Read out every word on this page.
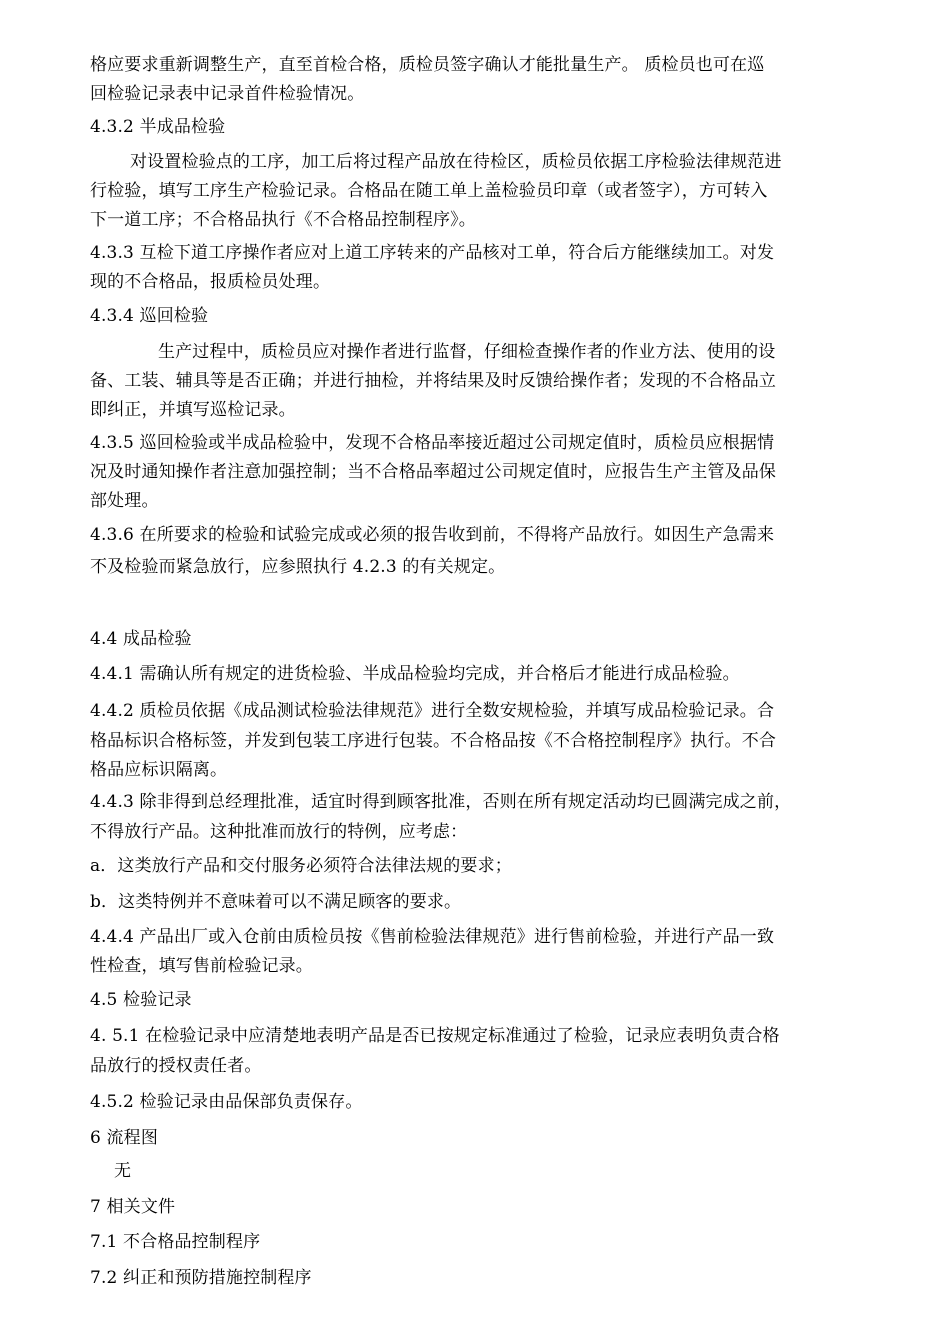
格应要求重新调整生产，直至首检合格，质检员签字确认才能批量生产。 质检员也可在巡
回检验记录表中记录首件检验情况。
4.3.2 半成品检验
对设置检验点的工序，加工后将过程产品放在待检区，质检员依据工序检验法律规范进
行检验，填写工序生产检验记录。合格品在随工单上盖检验员印章（或者签字），方可转入
下一道工序；不合格品执行《不合格品控制程序》。
4.3.3 互检下道工序操作者应对上道工序转来的产品核对工单，符合后方能继续加工。对发
现的不合格品，报质检员处理。
4.3.4 巡回检验
生产过程中，质检员应对操作者进行监督，仔细检查操作者的作业方法、使用的设
备、工装、辅具等是否正确；并进行抽检，并将结果及时反馈给操作者；发现的不合格品立
即纠正，并填写巡检记录。
4.3.5 巡回检验或半成品检验中，发现不合格品率接近超过公司规定值时，质检员应根据情
况及时通知操作者注意加强控制；当不合格品率超过公司规定值时，应报告生产主管及品保
部处理。
4.3.6 在所要求的检验和试验完成或必须的报告收到前，不得将产品放行。如因生产急需来
不及检验而紧急放行，应参照执行 4.2.3 的有关规定。
4.4 成品检验
4.4.1 需确认所有规定的进货检验、半成品检验均完成，并合格后才能进行成品检验。
4.4.2 质检员依据《成品测试检验法律规范》进行全数安规检验，并填写成品检验记录。合
格品标识合格标签，并发到包装工序进行包装。不合格品按《不合格控制程序》执行。不合
格品应标识隔离。
4.4.3 除非得到总经理批准，适宜时得到顾客批准，否则在所有规定活动均已圆满完成之前，
不得放行产品。这种批准而放行的特例，应考虑：
a．这类放行产品和交付服务必须符合法律法规的要求；
b．这类特例并不意味着可以不满足顾客的要求。
4.4.4 产品出厂或入仓前由质检员按《售前检验法律规范》进行售前检验，并进行产品一致
性检查，填写售前检验记录。
4.5 检验记录
4. 5.1 在检验记录中应清楚地表明产品是否已按规定标准通过了检验，记录应表明负责合格
品放行的授权责任者。
4.5.2 检验记录由品保部负责保存。
6 流程图
无
7 相关文件
7.1 不合格品控制程序
7.2 纠正和预防措施控制程序
